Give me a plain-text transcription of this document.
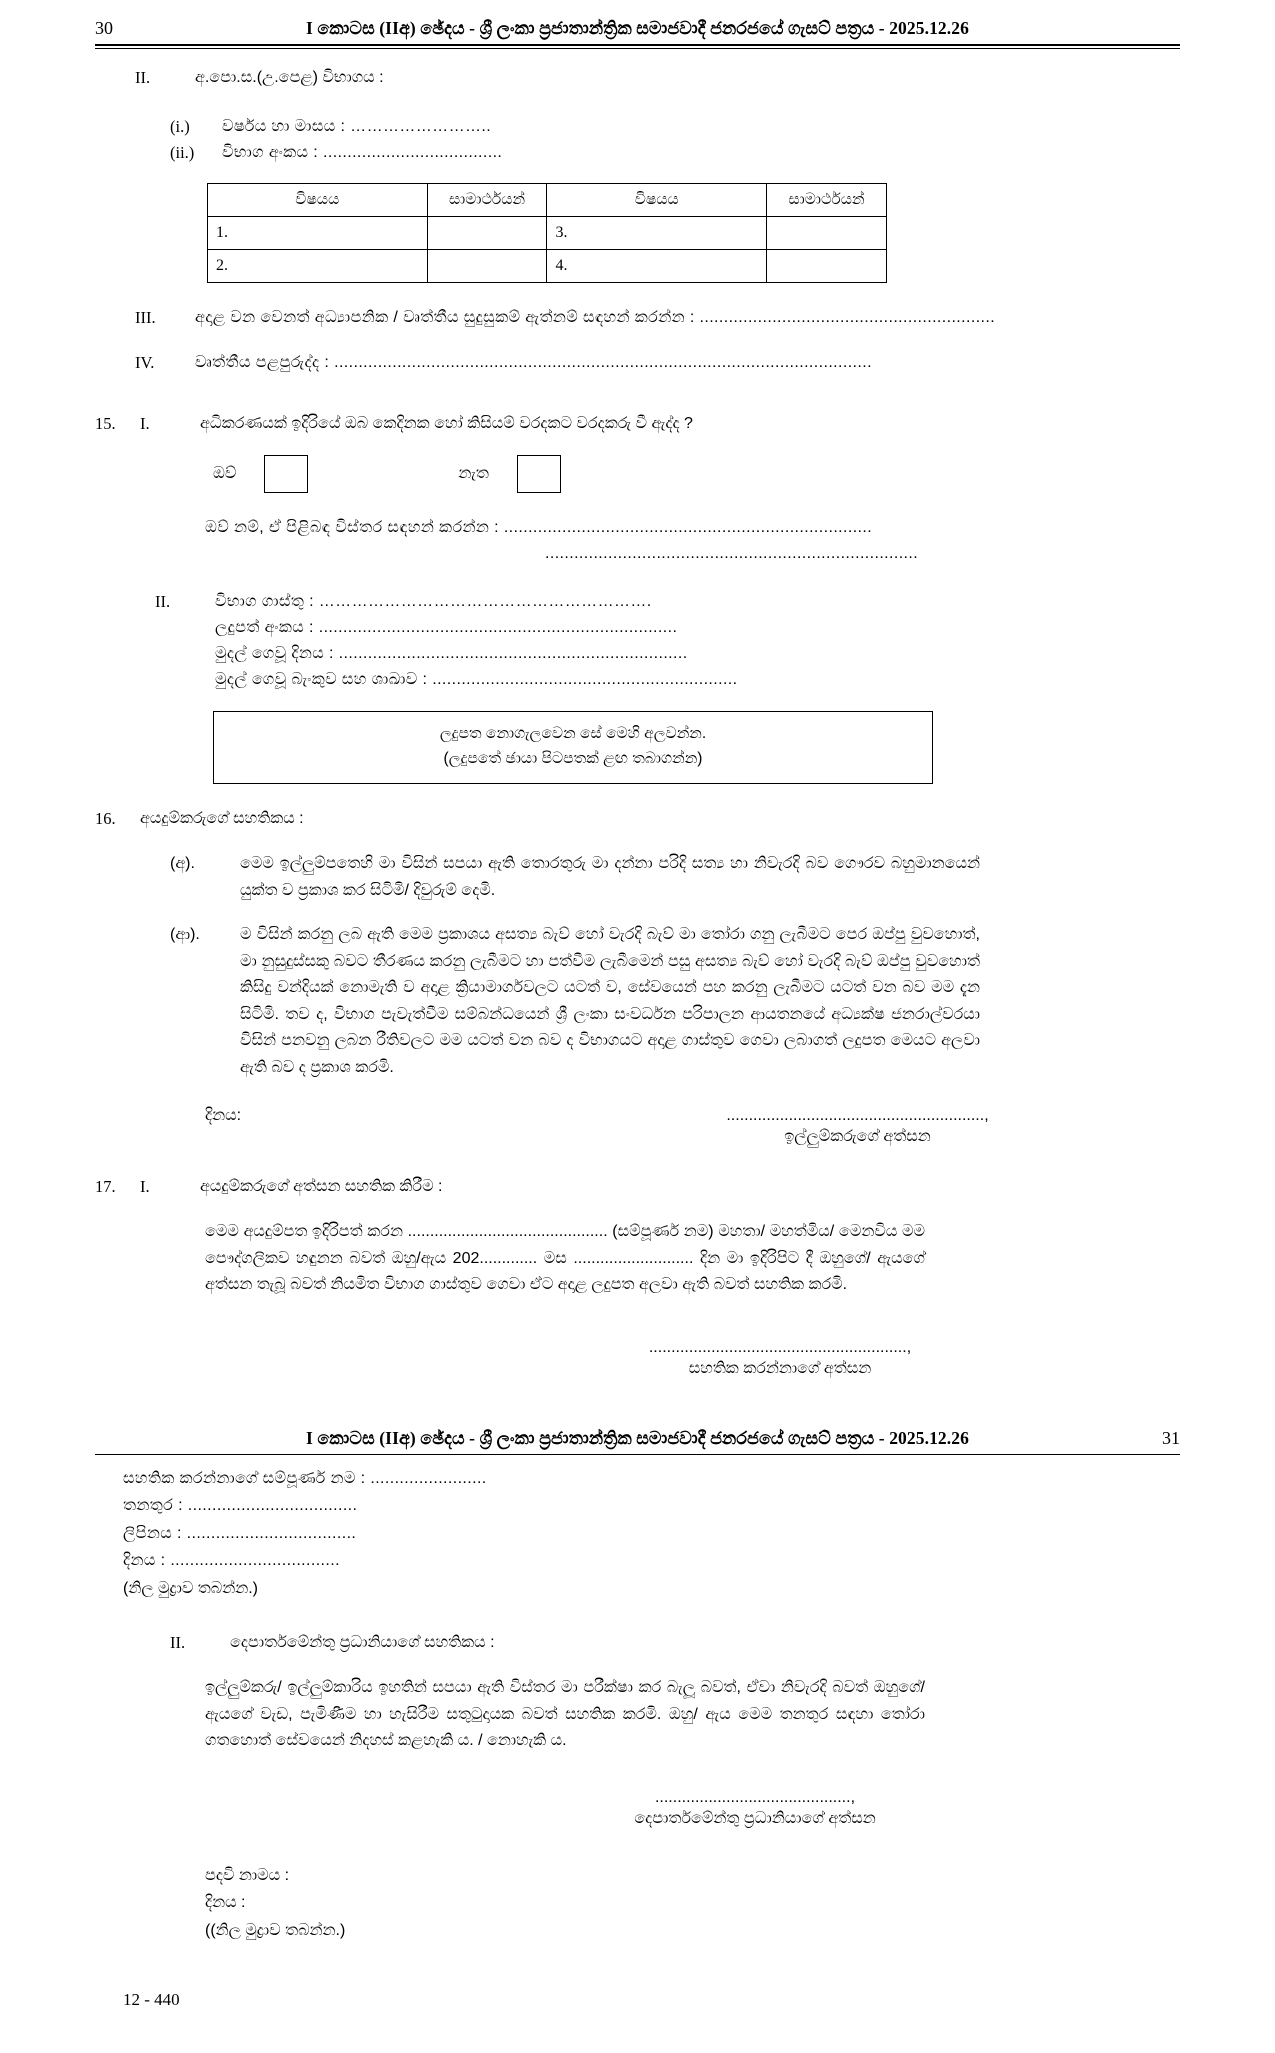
30	I කොටස (IIඅ) ඡේදය - ශ්‍රී ලංකා ප්‍රජාතාන්ත්‍රික සමාජවාදී ජනරජයේ ගැසට් පත්‍රය - 2025.12.26
II.	අ.පො.ස.(උ.පෙළ) විභාගය :
(i.)	වර්ෂය හා මාසය : ……………………..
(ii.)	විභාග අංකය : .....................................
විෂයය	සාමාර්ථයන්	විෂයය	සාමාර්ථයන්
1.		3.	
2.		4.	
III.	අදාළ වන වෙනත් අධ්‍යාපනික / වෘත්තීය සුදුසුකම් ඇත්නම් සඳහන් කරන්න : .............................................................
IV.	වෘත්තීය පළපුරුද්ද : ...............................................................................................................
15.	I.	අධිකරණයක් ඉදිරියේ ඔබ කෙදිනක හෝ කිසියම් වරදකට වරදකරු වී ඇද්ද ?
ඔව්	නැත
ඔව් නම්, ඒ පිළිබඳ විස්තර සඳහන් කරන්න : ............................................................................
.............................................................................
II.	විභාග ගාස්තු : …………………………………………………….
ලදුපත් අංකය : ..........................................................................
මුදල් ගෙවූ දිනය : ........................................................................
මුදල් ගෙවූ බැංකුව සහ ශාඛාව : ...............................................................
ලදුපත නොගැලවෙන සේ මෙහි අලවන්න.
(ලදුපතේ ඡායා පිටපතක් ළඟ තබාගන්න)
16.	අයදුම්කරුගේ සහතිකය :
(අ).	මෙම ඉල්ලුම්පතෙහි මා විසින් සපයා ඇති තොරතුරු මා දන්නා පරිදි සත්‍ය හා නිවැරදි බව ගෞරව බහුමානයෙන් යුක්ත ව ප්‍රකාශ කර සිටිමි/ දිවුරුම් දෙමි.
(ආ).	ම විසින් කරනු ලබ ඇති මෙම ප්‍රකාශය අසත්‍ය බැව් හෝ වැරදි බැව් මා තෝරා ගනු ලැබීමට පෙර ඔප්පු වුවහොත්, මා නුසුදුස්සකු බවට තීරණය කරනු ලැබීමට හා පත්වීම ලැබීමෙන් පසු අසත්‍ය බැව් හෝ වැරදි බැව් ඔප්පු වුවහොත් කිසිදු වන්දියක් නොමැති ව අදාළ ක්‍රියාමාර්ගවලට යටත් ව, සේවයෙන් පහ කරනු ලැබීමට යටත් වන බව මම දැන සිටිමි. තව ද, විභාග පැවැත්වීම සම්බන්ධයෙන් ශ්‍රී ලංකා සංවර්ධන පරිපාලන ආයතනයේ අධ්‍යක්ෂ ජනරාල්වරයා විසින් පනවනු ලබන රීතිවලට මම යටත් වන බව ද විභාගයට අදාළ ගාස්තුව ගෙවා ලබාගත් ලදුපත මෙයට අලවා ඇති බව ද ප්‍රකාශ කරමි.
දිනය:	..........................................................,
ඉල්ලුම්කරුගේ අත්සන
17.	I.	අයදුම්කරුගේ අත්සන සහතික කිරීම :
මෙම අයදුම්පත ඉදිරිපත් කරන ............................................. (සම්පූර්ණ නම) මහතා/ මහත්මිය/ මෙනවිය මම පෞද්ගලිකව හඳුනන බවත් ඔහු/ඇය 202............. මස ........................... දින මා ඉදිරිපිට දී ඔහුගේ/ ඇයගේ අත්සන තැබූ බවත් නියමිත විභාග ගාස්තුව ගෙවා ඒට අදාළ ලදුපත අලවා ඇති බවත් සහතික කරමි.
..........................................................,
සහතික කරන්නාගේ අත්සන
I කොටස (IIඅ) ඡේදය - ශ්‍රී ලංකා ප්‍රජාතාන්ත්‍රික සමාජවාදී ජනරජයේ ගැසට් පත්‍රය - 2025.12.26	31
සහතික කරන්නාගේ සම්පූර්ණ නම : ........................
තනතුර : ...................................
ලිපිනය : ...................................
දිනය : ...................................
(නිල මුද්‍රාව තබන්න.)
II.	දෙපාර්තමේන්තු ප්‍රධානියාගේ සහතිකය :
ඉල්ලුම්කරු/ ඉල්ලුම්කාරිය ඉහතින් සපයා ඇති විස්තර මා පරීක්ෂා කර බැලූ බවත්, ඒවා නිවැරදි බවත් ඔහුගේ/ඇයගේ වැඩ, පැමිණීම හා හැසිරීම සතුටුදායක බවත් සහතික කරමි. ඔහු/ ඇය මෙම තනතුර සඳහා තෝරා ගතහොත් සේවයෙන් නිදහස් කළහැකි ය. / නොහැකි ය.
............................................,
දෙපාර්තමේන්තු ප්‍රධානියාගේ අත්සන
පදවි නාමය :
දිනය :
((නිල මුද්‍රාව තබන්න.)
12 - 440
